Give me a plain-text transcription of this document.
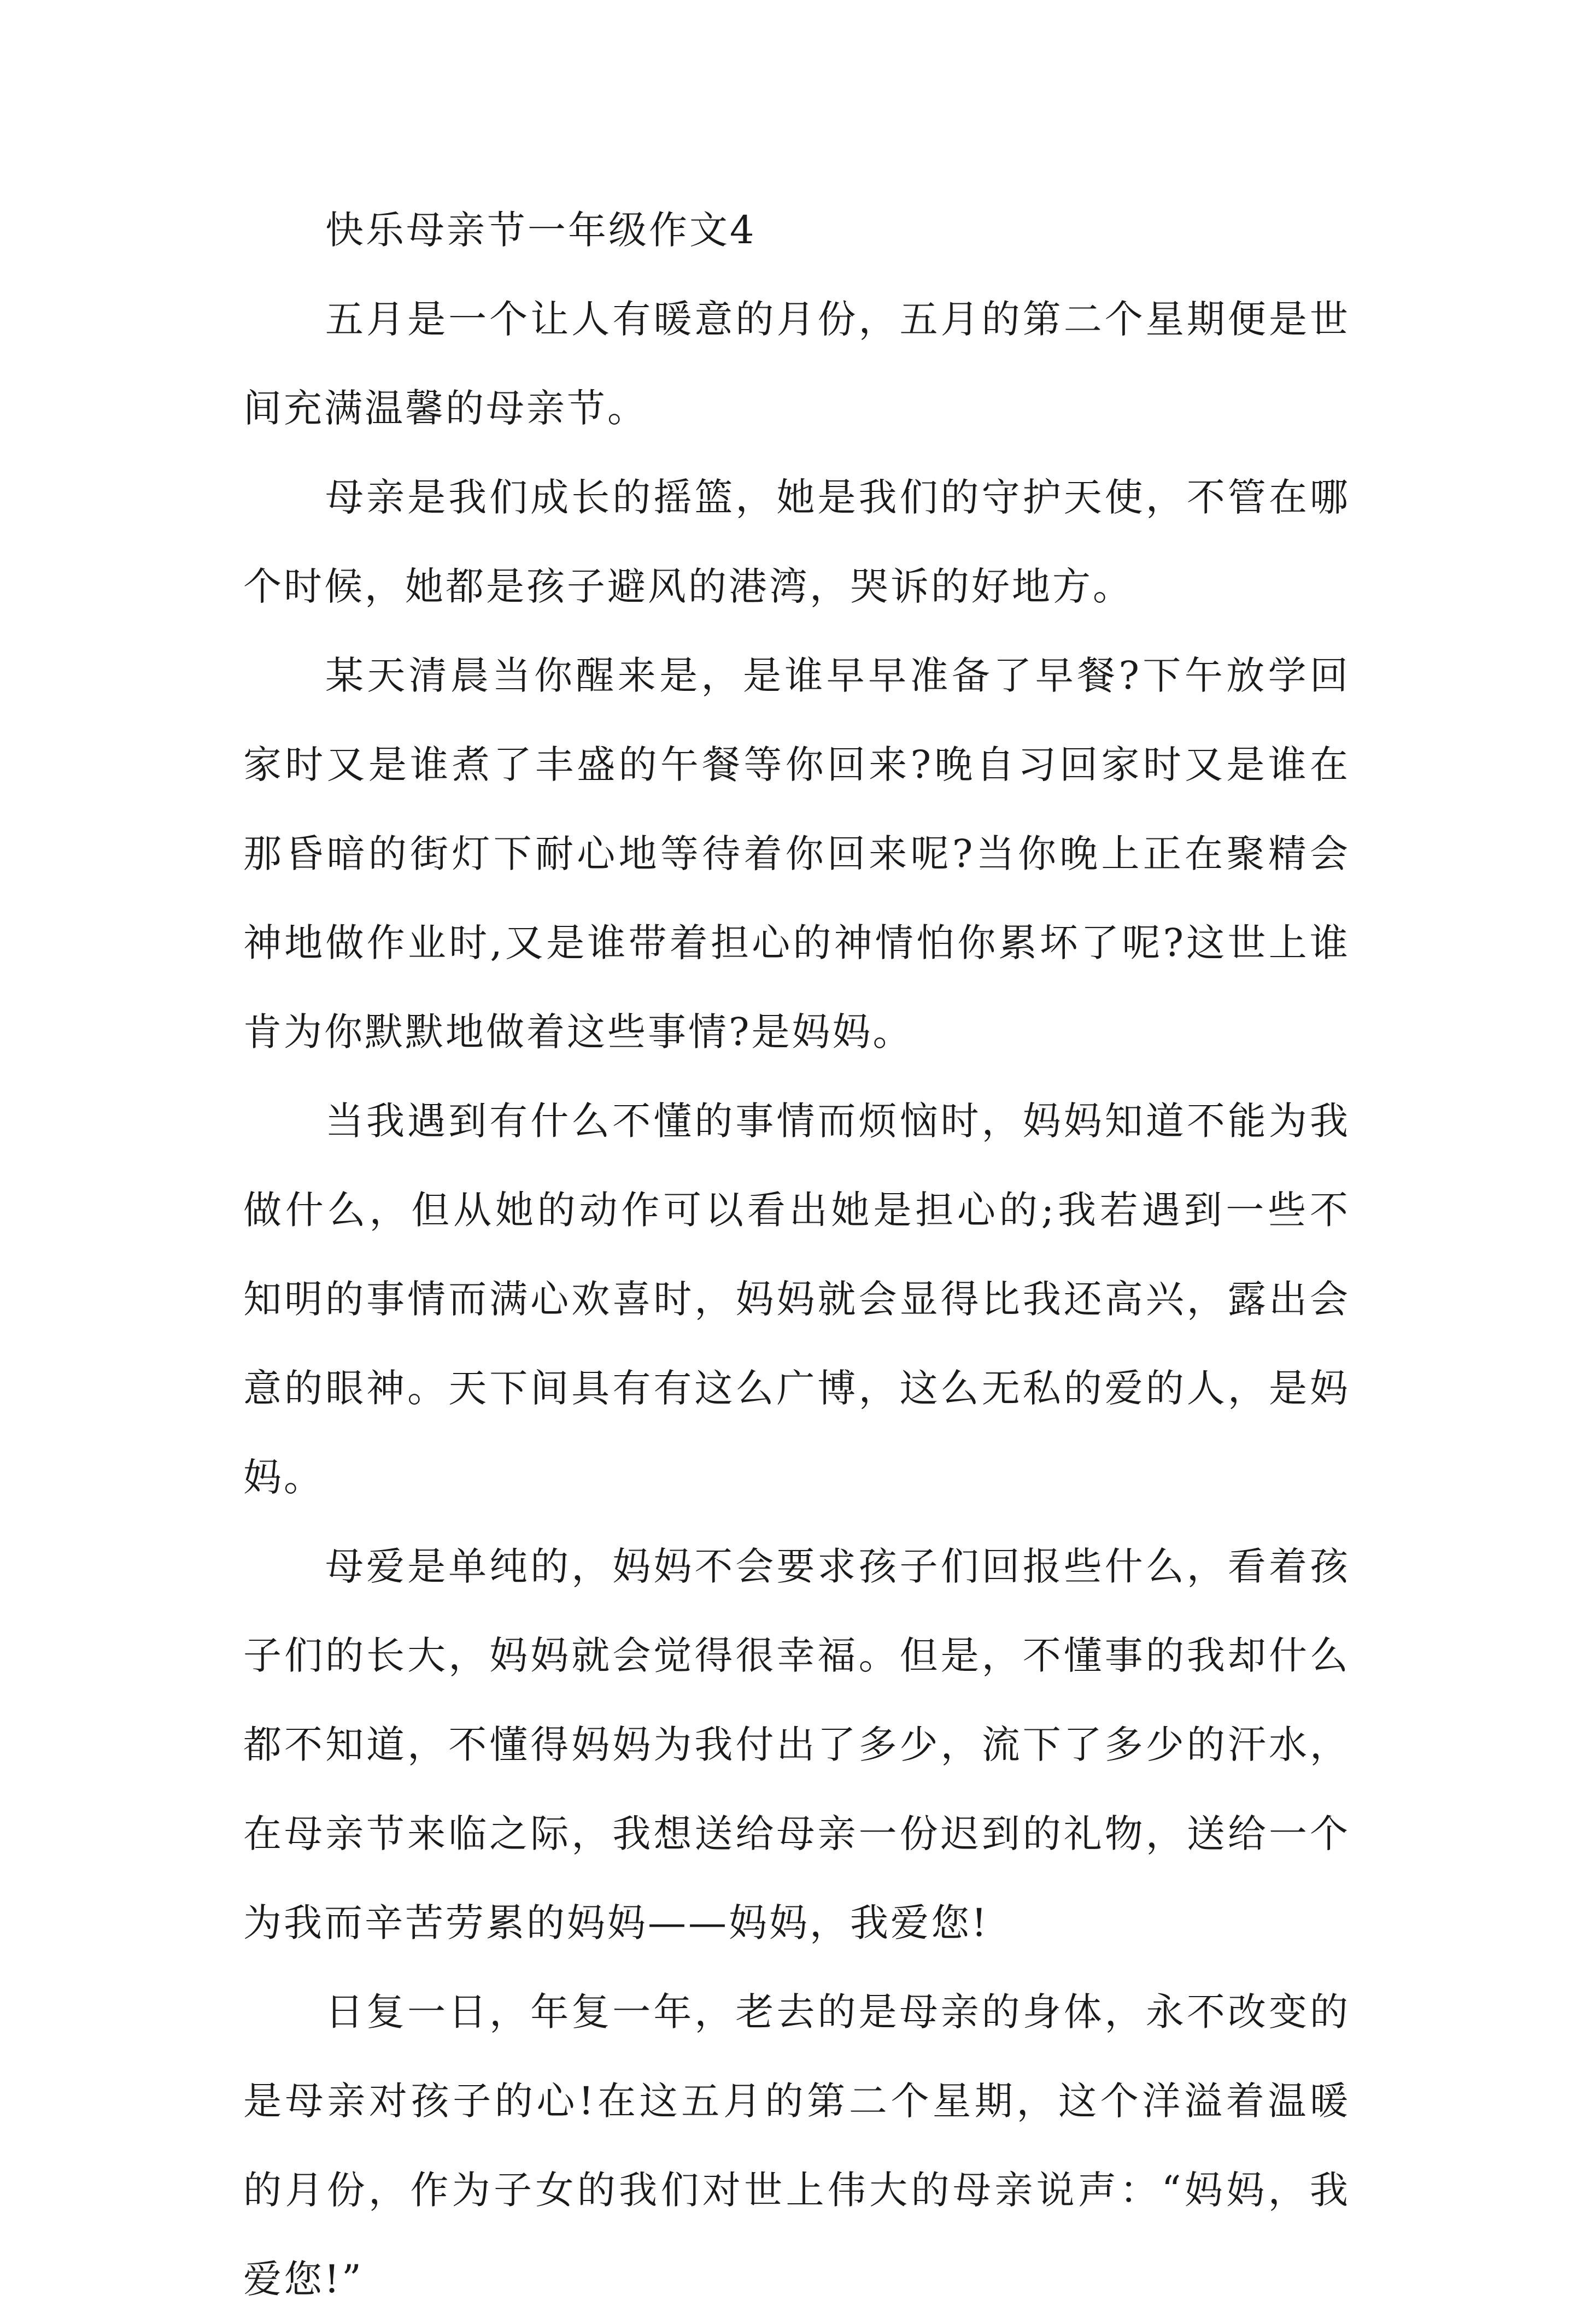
快乐母亲节一年级作文4

五月是一个让人有暖意的月份，五月的第二个星期便是世间充满温馨的母亲节。

母亲是我们成长的摇篮，她是我们的守护天使，不管在哪个时候，她都是孩子避风的港湾，哭诉的好地方。

某天清晨当你醒来是，是谁早早准备了早餐?下午放学回家时又是谁煮了丰盛的午餐等你回来?晚自习回家时又是谁在那昏暗的街灯下耐心地等待着你回来呢?当你晚上正在聚精会神地做作业时,又是谁带着担心的神情怕你累坏了呢?这世上谁肯为你默默地做着这些事情?是妈妈。

当我遇到有什么不懂的事情而烦恼时，妈妈知道不能为我做什么，但从她的动作可以看出她是担心的;我若遇到一些不知明的事情而满心欢喜时，妈妈就会显得比我还高兴，露出会意的眼神。天下间具有有这么广博，这么无私的爱的人，是妈妈。

母爱是单纯的，妈妈不会要求孩子们回报些什么，看着孩子们的长大，妈妈就会觉得很幸福。但是，不懂事的我却什么都不知道，不懂得妈妈为我付出了多少，流下了多少的汗水，在母亲节来临之际，我想送给母亲一份迟到的礼物，送给一个为我而辛苦劳累的妈妈——妈妈，我爱您!

日复一日，年复一年，老去的是母亲的身体，永不改变的是母亲对孩子的心!在这五月的第二个星期，这个洋溢着温暖的月份，作为子女的我们对世上伟大的母亲说声：“妈妈，我爱您!”
